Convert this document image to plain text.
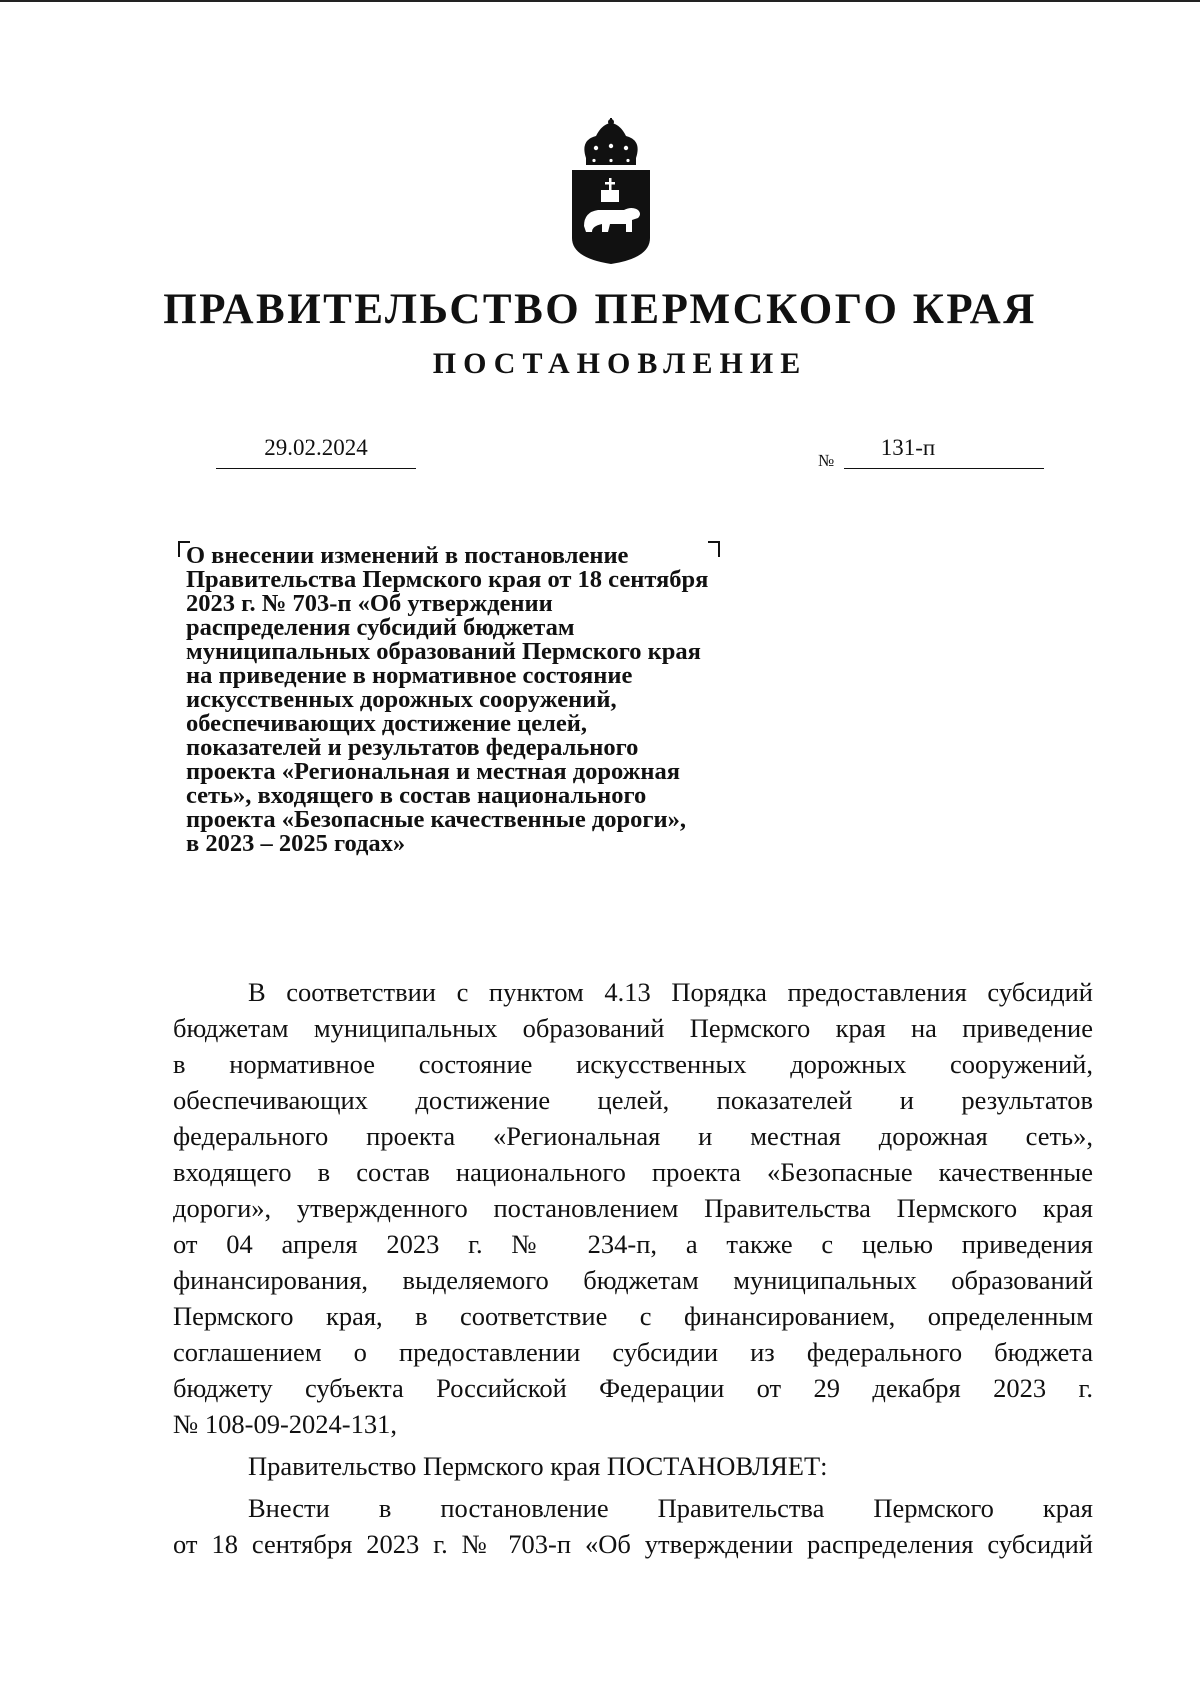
ПРАВИТЕЛЬСТВО ПЕРМСКОГО КРАЯ
ПОСТАНОВЛЕНИЕ
29.02.2024
№
131-п
О внесении изменений в постановление
Правительства Пермского края от 18 сентября
2023 г. № 703-п «Об утверждении
распределения субсидий бюджетам
муниципальных образований Пермского края
на приведение в нормативное состояние
искусственных дорожных сооружений,
обеспечивающих достижение целей,
показателей и результатов федерального
проекта «Региональная и местная дорожная
сеть», входящего в состав национального
проекта «Безопасные качественные дороги»,
в 2023 – 2025 годах»
В соответствии с пунктом 4.13 Порядка предоставления субсидий
бюджетам муниципальных образований Пермского края на приведение
в нормативное состояние искусственных дорожных сооружений,
обеспечивающих достижение целей, показателей и результатов
федерального проекта «Региональная и местная дорожная сеть»,
входящего в состав национального проекта «Безопасные качественные
дороги», утвержденного постановлением Правительства Пермского края
от 04 апреля 2023 г. № 234-п, а также с целью приведения
финансирования, выделяемого бюджетам муниципальных образований
Пермского края, в соответствие с финансированием, определенным
соглашением о предоставлении субсидии из федерального бюджета
бюджету субъекта Российской Федерации от 29 декабря 2023 г.
№ 108-09-2024-131,
Правительство Пермского края ПОСТАНОВЛЯЕТ:
Внести в постановление Правительства Пермского края
от 18 сентября 2023 г. № 703-п «Об утверждении распределения субсидий
